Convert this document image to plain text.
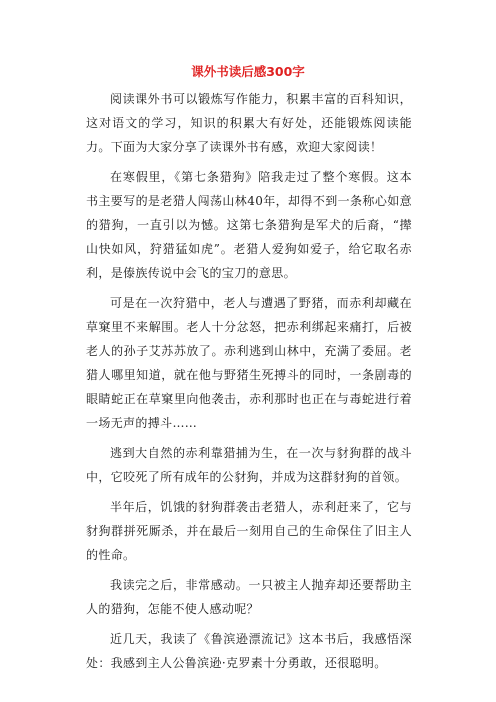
课外书读后感300字

阅读课外书可以锻炼写作能力，积累丰富的百科知识，这对语文的学习，知识的积累大有好处，还能锻炼阅读能力。下面为大家分享了读课外书有感，欢迎大家阅读！

在寒假里，《第七条猎狗》陪我走过了整个寒假。这本书主要写的是老猎人闯荡山林40年，却得不到一条称心如意的猎狗，一直引以为憾。这第七条猎狗是军犬的后裔，“撵山快如风，狩猎猛如虎”。老猎人爱狗如爱子，给它取名赤利，是傣族传说中会飞的宝刀的意思。

可是在一次狩猎中，老人与遭遇了野猪，而赤利却藏在草窠里不来解围。老人十分忿怒，把赤利绑起来痛打，后被老人的孙子艾苏苏放了。赤利逃到山林中，充满了委屈。老猎人哪里知道，就在他与野猪生死搏斗的同时，一条剧毒的眼睛蛇正在草窠里向他袭击，赤利那时也正在与毒蛇进行着一场无声的搏斗……

逃到大自然的赤利靠猎捕为生，在一次与豺狗群的战斗中，它咬死了所有成年的公豺狗，并成为这群豺狗的首领。

半年后，饥饿的豺狗群袭击老猎人，赤利赶来了，它与豺狗群拼死厮杀，并在最后一刻用自己的生命保住了旧主人的性命。

我读完之后，非常感动。一只被主人抛弃却还要帮助主人的猎狗，怎能不使人感动呢？

近几天，我读了《鲁滨逊漂流记》这本书后，我感悟深处：我感到主人公鲁滨逊·克罗素十分勇敢，还很聪明。
